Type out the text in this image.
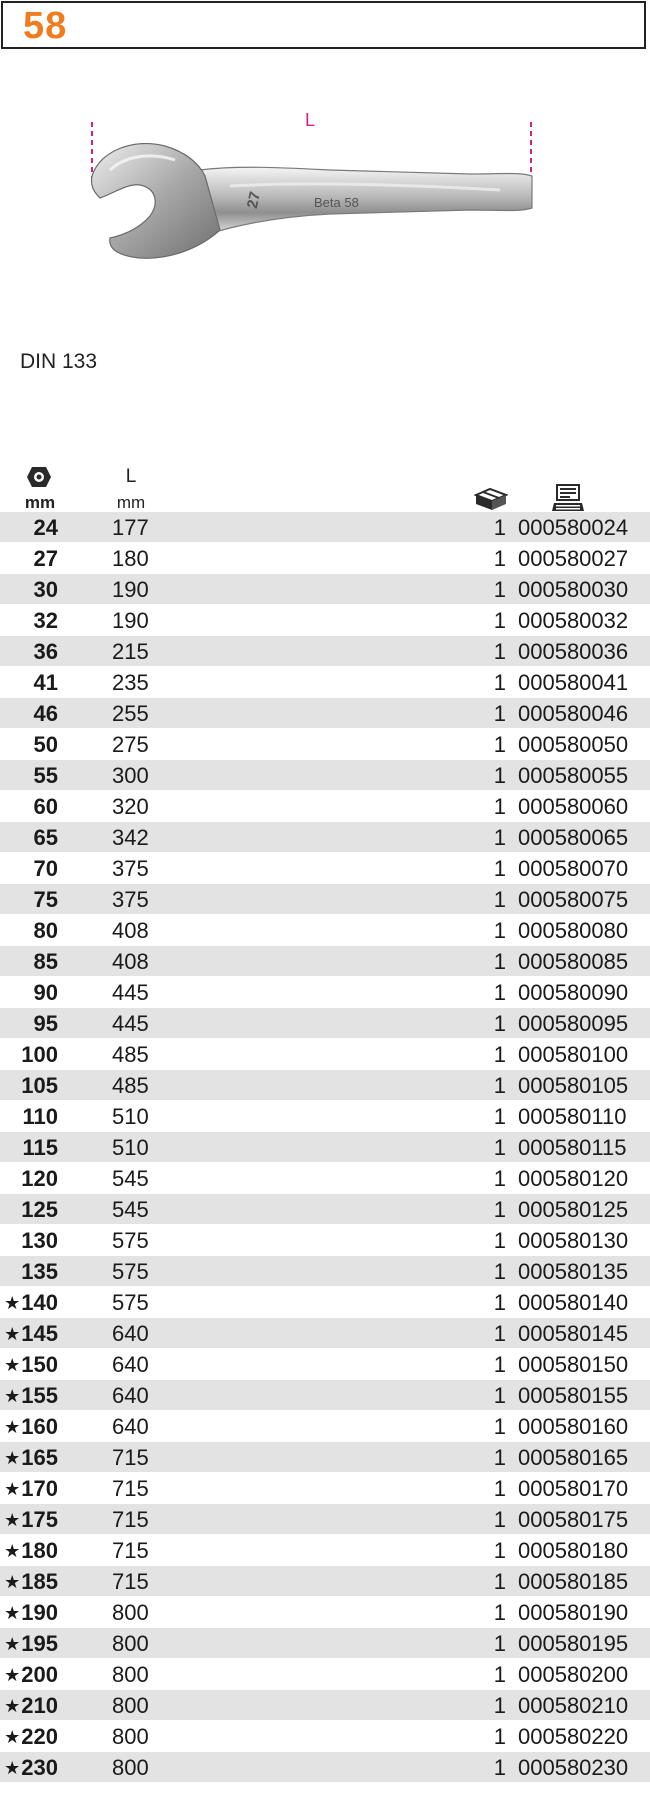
58
L
27	Beta 58
DIN 133
mm
L
mm
24 177	1 000580024
27 180	1 000580027
30 190	1 000580030
32 190	1 000580032
36 215	1 000580036
41 235	1 000580041
46 255	1 000580046
50 275	1 000580050
55 300	1 000580055
60 320	1 000580060
65 342	1 000580065
70 375	1 000580070
75 375	1 000580075
80 408	1 000580080
85 408	1 000580085
90 445	1 000580090
95 445	1 000580095
100 485	1 000580100
105 485	1 000580105
110 510	1 000580110
115 510	1 000580115
120 545	1 000580120
125 545	1 000580125
130 575	1 000580130
135 575	1 000580135
★140 575	1 000580140
★145 640	1 000580145
★150 640	1 000580150
★155 640	1 000580155
★160 640	1 000580160
★165 715	1 000580165
★170 715	1 000580170
★175 715	1 000580175
★180 715	1 000580180
★185 715	1 000580185
★190 800	1 000580190
★195 800	1 000580195
★200 800	1 000580200
★210 800	1 000580210
★220 800	1 000580220
★230 800	1 000580230
